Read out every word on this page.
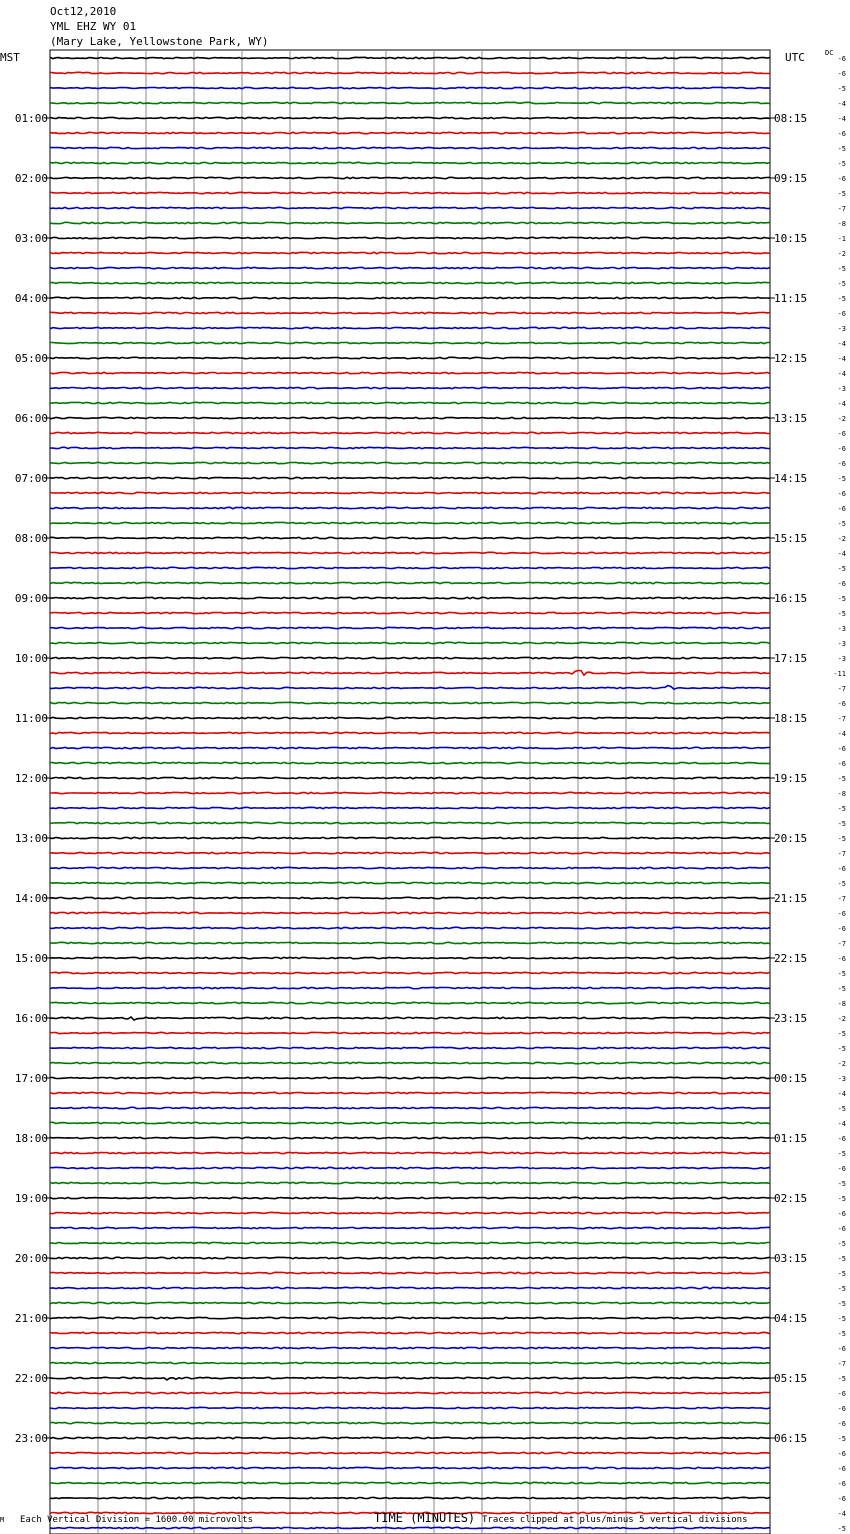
Oct12,2010
YML EHZ WY 01
(Mary Lake, Yellowstone Park, WY)
MST	UTC	DC
-6
-6
-5
-4
-4
01:00	08:15
-6
-5
-5
-6
02:00	09:15
-5
-7
-8
-1
03:00	10:15
-2
-5
-5
-5
04:00	11:15
-6
-3
-4
-4
05:00	12:15
-4
-3
-4
-2
06:00	13:15
-6
-6
-6
-5
07:00	14:15
-6
-6
-5
-2
08:00	15:15
-4
-5
-6
-5
09:00	16:15
-5
-3
-3
-3
10:00	17:15
-11
-7
-6
-7
11:00	18:15
-4
-6
-6
-5
12:00	19:15
-8
-5
-5
-5
13:00	20:15
-7
-6
-5
-7
14:00	21:15
-6
-6
-7
-6
15:00	22:15
-5
-5
-8
-2
16:00	23:15
-5
-5
-2
-3
17:00	00:15
-4
-5
-4
-6
18:00	01:15
-5
-6
-5
-5
19:00	02:15
-6
-6
-5
-5
20:00	03:15
-5
-5
-5
-5
21:00	04:15
-5
-6
-7
-5
22:00	05:15
-6
-6
-6
-5
23:00	06:15
-6
-6
-6
-6
-4
-5
M Each Vertical Division = 1600.00 microvolts	TIME (MINUTES) Traces clipped at plus/minus 5 vertical divisions
